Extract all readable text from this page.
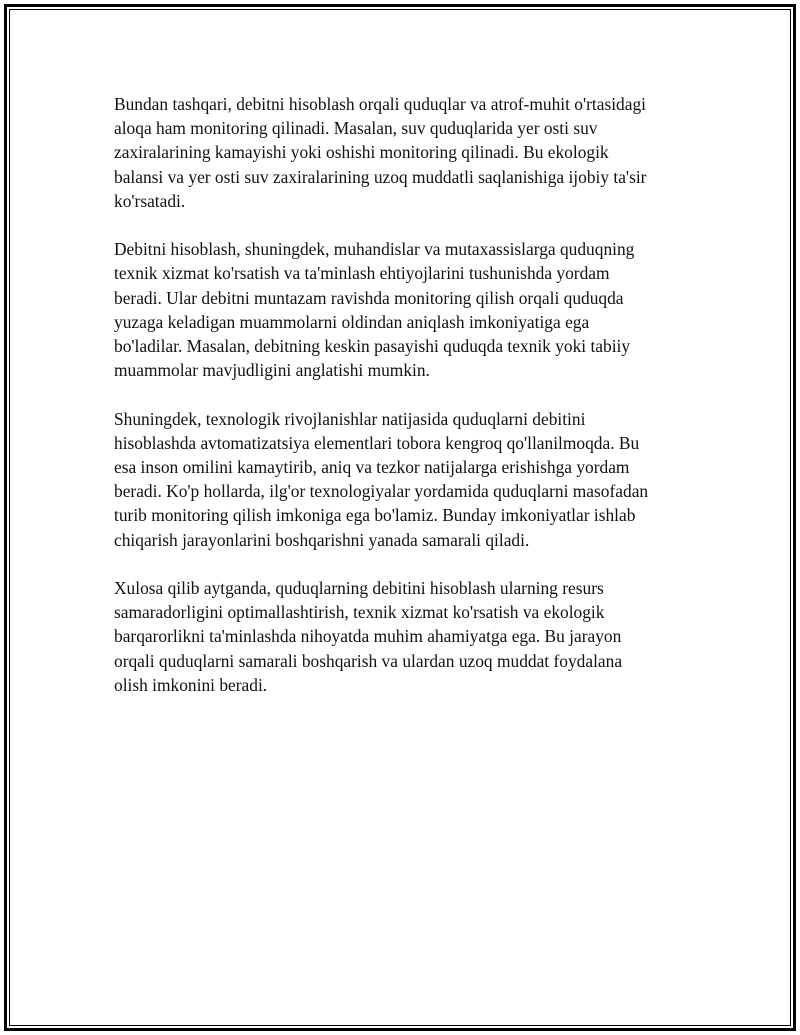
Bundan tashqari, debitni hisoblash orqali quduqlar va atrof-muhit o'rtasidagi
aloqa ham monitoring qilinadi. Masalan, suv quduqlarida yer osti suv
zaxiralarining kamayishi yoki oshishi monitoring qilinadi. Bu ekologik
balansi va yer osti suv zaxiralarining uzoq muddatli saqlanishiga ijobiy ta'sir
ko'rsatadi.

Debitni hisoblash, shuningdek, muhandislar va mutaxassislarga quduqning
texnik xizmat ko'rsatish va ta'minlash ehtiyojlarini tushunishda yordam
beradi. Ular debitni muntazam ravishda monitoring qilish orqali quduqda
yuzaga keladigan muammolarni oldindan aniqlash imkoniyatiga ega
bo'ladilar. Masalan, debitning keskin pasayishi quduqda texnik yoki tabiiy
muammolar mavjudligini anglatishi mumkin.

Shuningdek, texnologik rivojlanishlar natijasida quduqlarni debitini
hisoblashda avtomatizatsiya elementlari tobora kengroq qo'llanilmoqda. Bu
esa inson omilini kamaytirib, aniq va tezkor natijalarga erishishga yordam
beradi. Ko'p hollarda, ilg'or texnologiyalar yordamida quduqlarni masofadan
turib monitoring qilish imkoniga ega bo'lamiz. Bunday imkoniyatlar ishlab
chiqarish jarayonlarini boshqarishni yanada samarali qiladi.

Xulosa qilib aytganda, quduqlarning debitini hisoblash ularning resurs
samaradorligini optimallashtirish, texnik xizmat ko'rsatish va ekologik
barqarorlikni ta'minlashda nihoyatda muhim ahamiyatga ega. Bu jarayon
orqali quduqlarni samarali boshqarish va ulardan uzoq muddat foydalana
olish imkonini beradi.
